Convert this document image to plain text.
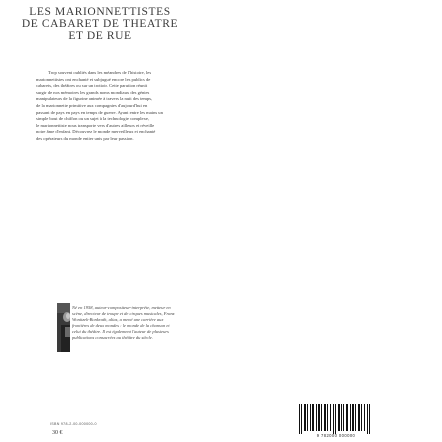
LES MARIONNETTISTES
DE CABARET DE THEATRE
ET DE RUE
Trop souvent oubliés dans les méandres de l'histoire, les
marionnettistes ont enchanté et subjugué encore les publics de
cabarets, des théâtres ou sur un trottoir. Cette parution réunit
surgir de nos mémoires les grands noms mondiaux des génies
manipulateurs de la figurine animée à travers la nuit des temps,
de la marionnette primitive aux compagnies d'aujourd'hui en
passant de pays en pays en temps de guerre. Ayant entre les mains un
simple bout de chiffon ou un sujet à la technologie complexe,
le marionnettiste nous transporte vers d'autres ailleurs et réveille
notre âme d'enfant. Découvrez le monde merveilleux et enchanté
des opérateurs du monde entier unis par leur passion.
Né en 1958, auteur-compositeur-interprète, metteur en
scène, directeur de troupe et de cirques musicales, Franz
Wonitzek-Bonkrath, alias, a mené une carrière aux
frontières de deux mondes : le monde de la chanson et
celui du théâtre. Il est également l'auteur de plusieurs
publications consacrées au théâtre du siècle.
ISBN 978-2-00-000000-0
30 €	9 782000 000000
